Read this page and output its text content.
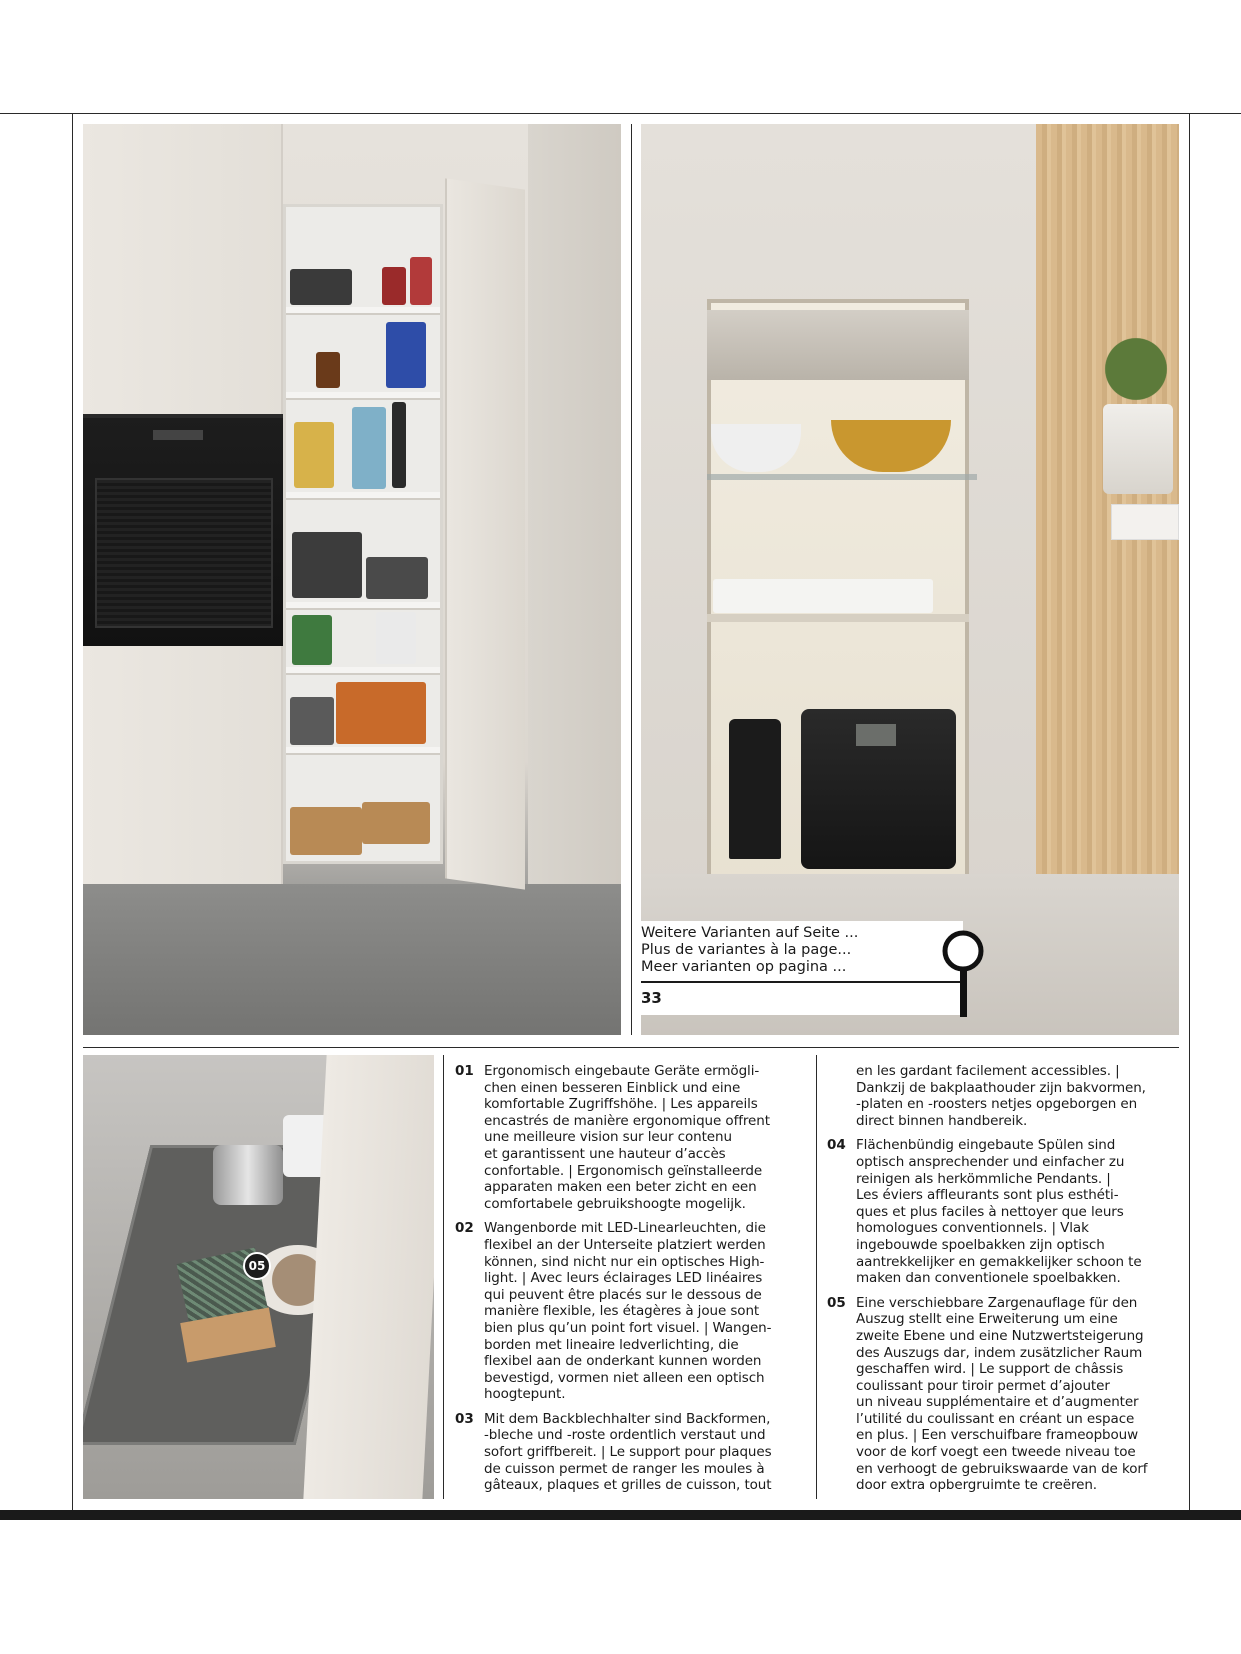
Weitere Varianten auf Seite ...
Plus de variantes à la page...
Meer varianten op pagina ...
33
05
01 Ergonomisch eingebaute Geräte ermögli-
chen einen besseren Einblick und eine
komfortable Zugriffshöhe. | Les appareils
encastrés de manière ergonomique offrent
une meilleure vision sur leur contenu
et garantissent une hauteur d’accès
confortable. | Ergonomisch geïnstalleerde
apparaten maken een beter zicht en een
comfortabele gebruikshoogte mogelijk.
02 Wangenborde mit LED-Linearleuchten, die
flexibel an der Unterseite platziert werden
können, sind nicht nur ein optisches High-
light. | Avec leurs éclairages LED linéaires
qui peuvent être placés sur le dessous de
manière flexible, les étagères à joue sont
bien plus qu’un point fort visuel. | Wangen-
borden met lineaire ledverlichting, die
flexibel aan de onderkant kunnen worden
bevestigd, vormen niet alleen een optisch
hoogtepunt.
03 Mit dem Backblechhalter sind Backformen,
-bleche und -roste ordentlich verstaut und
sofort griffbereit. | Le support pour plaques
de cuisson permet de ranger les moules à
gâteaux, plaques et grilles de cuisson, tout
en les gardant facilement accessibles. |
Dankzij de bakplaathouder zijn bakvormen,
-platen en -roosters netjes opgeborgen en
direct binnen handbereik.
04 Flächenbündig eingebaute Spülen sind
optisch ansprechender und einfacher zu
reinigen als herkömmliche Pendants. |
Les éviers affleurants sont plus esthéti-
ques et plus faciles à nettoyer que leurs
homologues conventionnels. | Vlak
ingebouwde spoelbakken zijn optisch
aantrekkelijker en gemakkelijker schoon te
maken dan conventionele spoelbakken.
05 Eine verschiebbare Zargenauflage für den
Auszug stellt eine Erweiterung um eine
zweite Ebene und eine Nutzwertsteigerung
des Auszugs dar, indem zusätzlicher Raum
geschaffen wird. | Le support de châssis
coulissant pour tiroir permet d’ajouter
un niveau supplémentaire et d’augmenter
l’utilité du coulissant en créant un espace
en plus. | Een verschuifbare frameopbouw
voor de korf voegt een tweede niveau toe
en verhoogt de gebruikswaarde van de korf
door extra opbergruimte te creëren.
